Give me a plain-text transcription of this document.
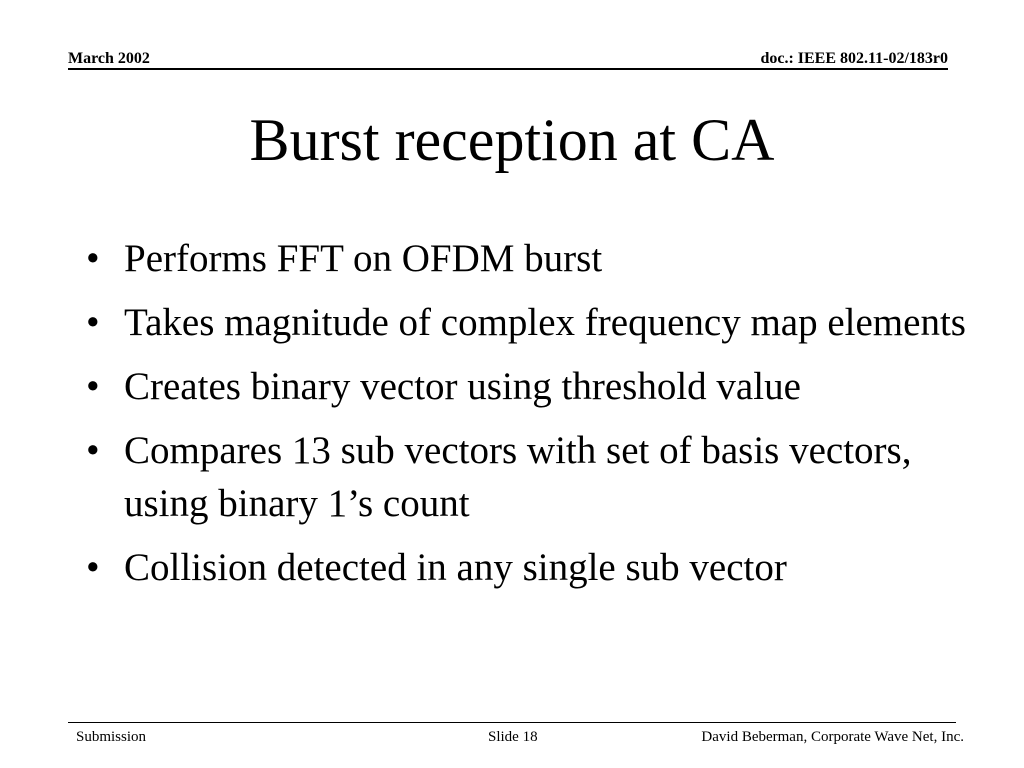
March 2002	doc.: IEEE 802.11-02/183r0
Burst reception at CA
• Performs FFT on OFDM burst
• Takes magnitude of complex frequency map elements
• Creates binary vector using threshold value
• Compares 13 sub vectors with set of basis vectors, using binary 1’s count
• Collision detected in any single sub vector
Submission	Slide 18	David Beberman, Corporate Wave Net, Inc.
